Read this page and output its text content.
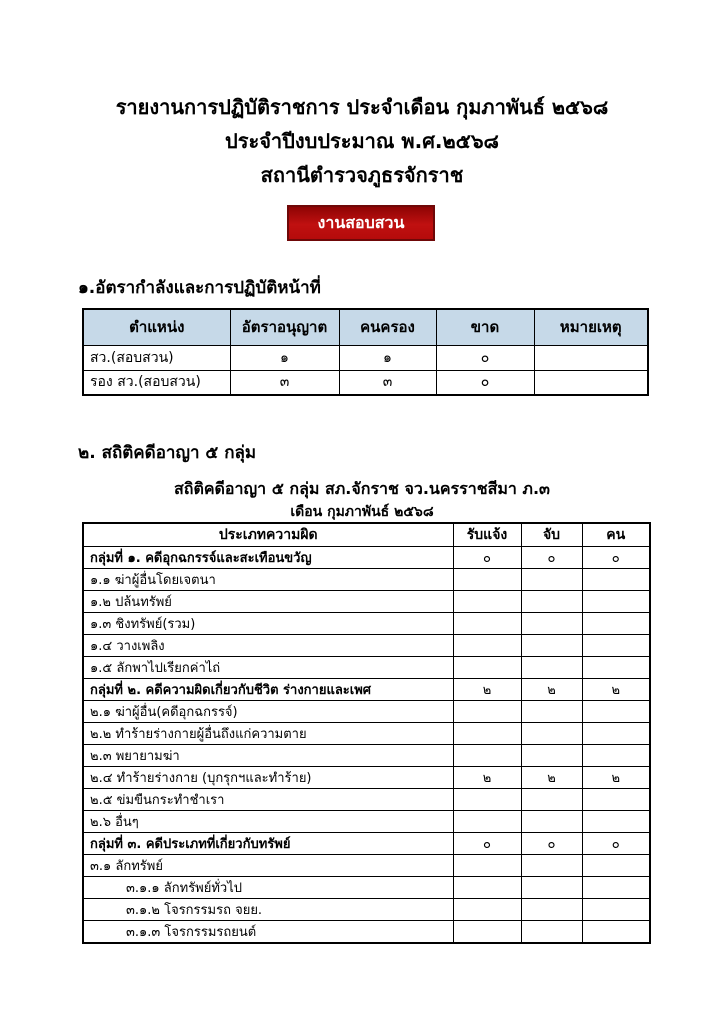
รายงานการปฏิบัติราชการ ประจำเดือน กุมภาพันธ์ ๒๕๖๘
ประจำปีงบประมาณ พ.ศ.๒๕๖๘
สถานีตำรวจภูธรจักราช
งานสอบสวน
๑.อัตรากำลังและการปฏิบัติหน้าที่
ตำแหน่ง	อัตราอนุญาต	คนครอง	ขาด	หมายเหตุ
สว.(สอบสวน)	๑	๑	๐	
รอง สว.(สอบสวน)	๓	๓	๐	
๒. สถิติคดีอาญา ๕ กลุ่ม
สถิติคดีอาญา ๕ กลุ่ม สภ.จักราช จว.นครราชสีมา ภ.๓
เดือน กุมภาพันธ์ ๒๕๖๘
ประเภทความผิด	รับแจ้ง	จับ	คน
กลุ่มที่ ๑. คดีอุกฉกรรจ์และสะเทือนขวัญ	๐	๐	๐
๑.๑ ฆ่าผู้อื่นโดยเจตนา			
๑.๒ ปล้นทรัพย์			
๑.๓ ชิงทรัพย์(รวม)			
๑.๔ วางเพลิง			
๑.๕ ลักพาไปเรียกค่าไถ่			
กลุ่มที่ ๒. คดีความผิดเกี่ยวกับชีวิต ร่างกายและเพศ	๒	๒	๒
๒.๑ ฆ่าผู้อื่น(คดีอุกฉกรรจ์)			
๒.๒ ทำร้ายร่างกายผู้อื่นถึงแก่ความตาย			
๒.๓ พยายามฆ่า			
๒.๔ ทำร้ายร่างกาย (บุกรุกฯและทำร้าย)	๒	๒	๒
๒.๕ ข่มขืนกระทำชำเรา			
๒.๖ อื่นๆ			
กลุ่มที่ ๓. คดีประเภทที่เกี่ยวกับทรัพย์	๐	๐	๐
๓.๑ ลักทรัพย์			
๓.๑.๑ ลักทรัพย์ทั่วไป			
๓.๑.๒ โจรกรรมรถ จยย.			
๓.๑.๓ โจรกรรมรถยนต์			
